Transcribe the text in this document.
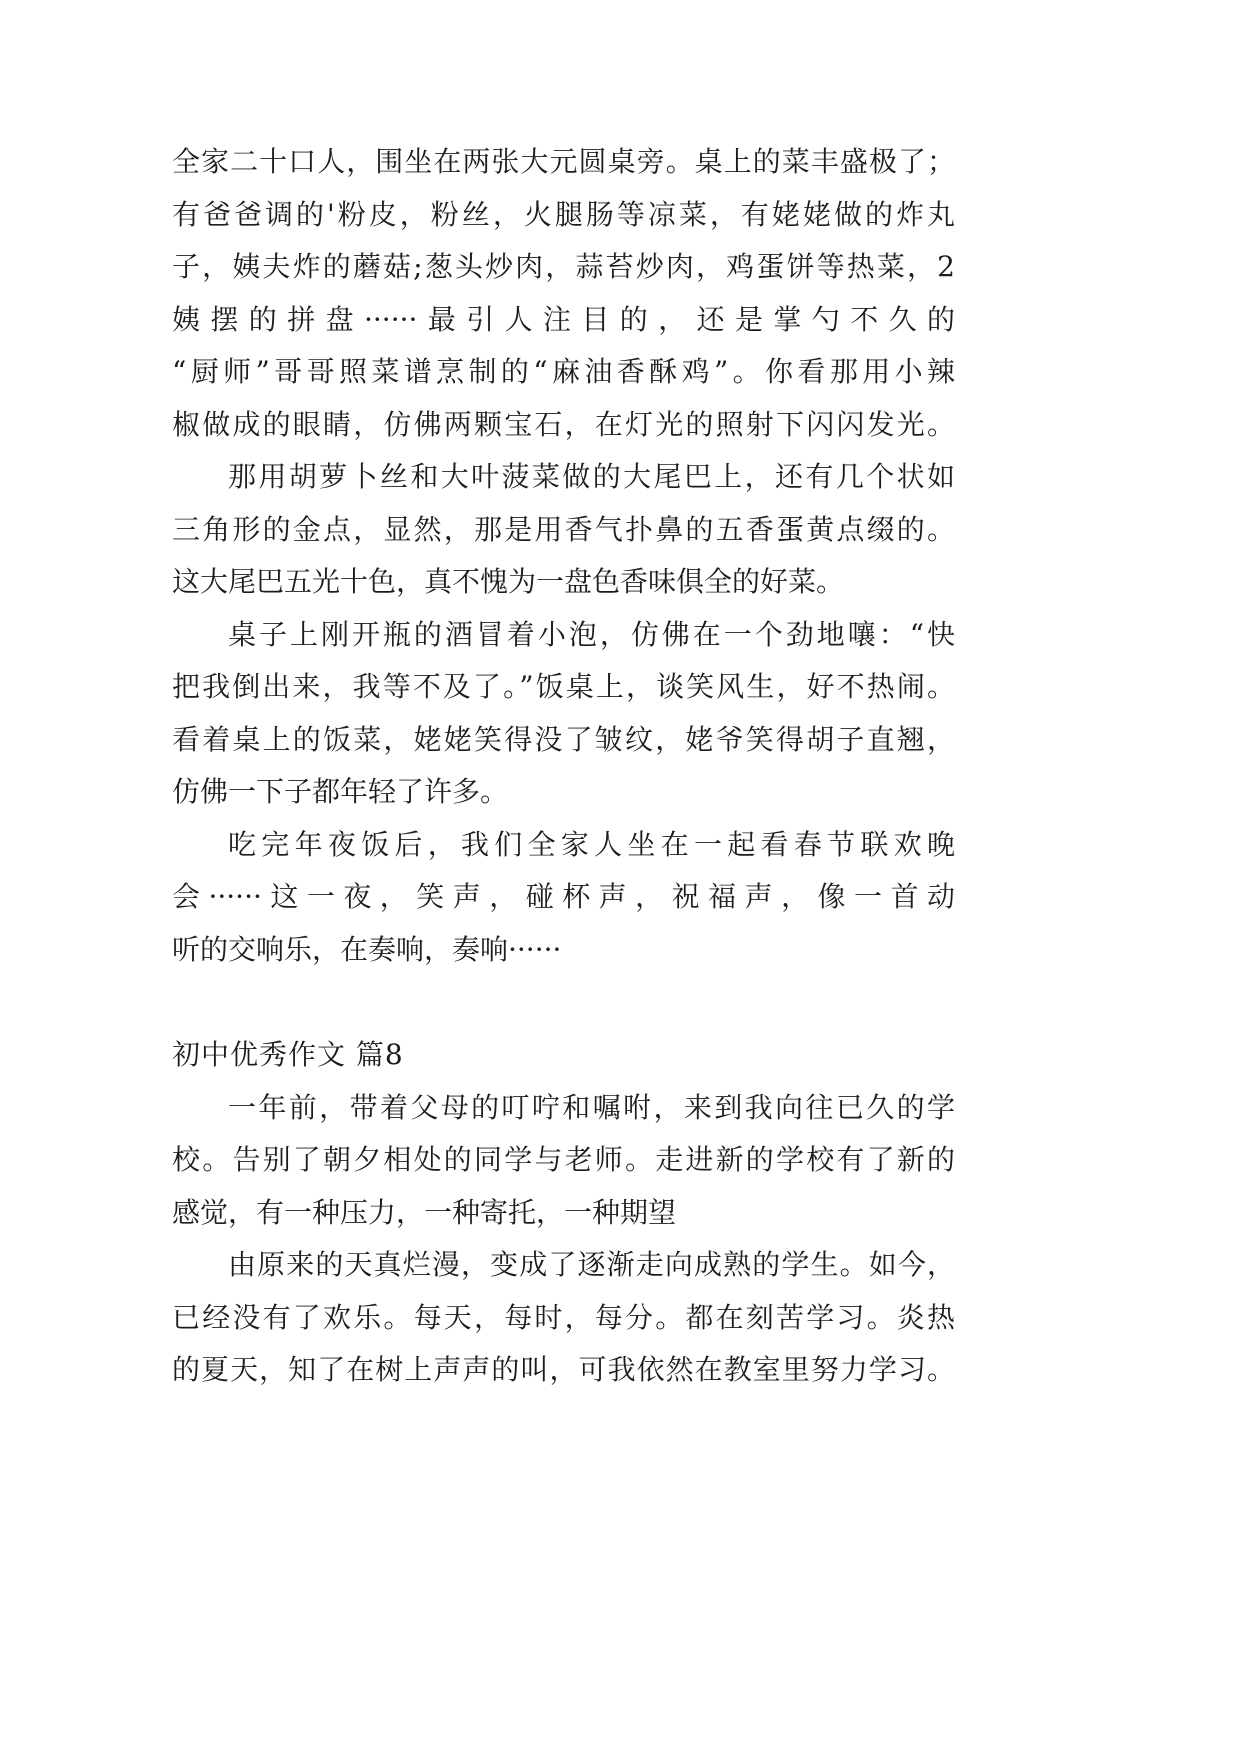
全家二十口人，围坐在两张大元圆桌旁。桌上的菜丰盛极了；
有爸爸调的'粉皮，粉丝，火腿肠等凉菜，有姥姥做的炸丸
子，姨夫炸的蘑菇;葱头炒肉，蒜苔炒肉，鸡蛋饼等热菜，2
姨摆的拼盘······最引人注目的，还是掌勺不久的
“厨师”哥哥照菜谱烹制的“麻油香酥鸡”。你看那用小辣
椒做成的眼睛，仿佛两颗宝石，在灯光的照射下闪闪发光。
那用胡萝卜丝和大叶菠菜做的大尾巴上，还有几个状如
三角形的金点，显然，那是用香气扑鼻的五香蛋黄点缀的。
这大尾巴五光十色，真不愧为一盘色香味俱全的好菜。
桌子上刚开瓶的酒冒着小泡，仿佛在一个劲地嚷：“快
把我倒出来，我等不及了。”饭桌上，谈笑风生，好不热闹。
看着桌上的饭菜，姥姥笑得没了皱纹，姥爷笑得胡子直翘，
仿佛一下子都年轻了许多。
吃完年夜饭后，我们全家人坐在一起看春节联欢晚
会······这一夜，笑声，碰杯声，祝福声，像一首动
听的交响乐，在奏响，奏响······
初中优秀作文 篇8
一年前，带着父母的叮咛和嘱咐，来到我向往已久的学
校。告别了朝夕相处的同学与老师。走进新的学校有了新的
感觉，有一种压力，一种寄托，一种期望
由原来的天真烂漫，变成了逐渐走向成熟的学生。如今，
已经没有了欢乐。每天，每时，每分。都在刻苦学习。炎热
的夏天，知了在树上声声的叫，可我依然在教室里努力学习。
